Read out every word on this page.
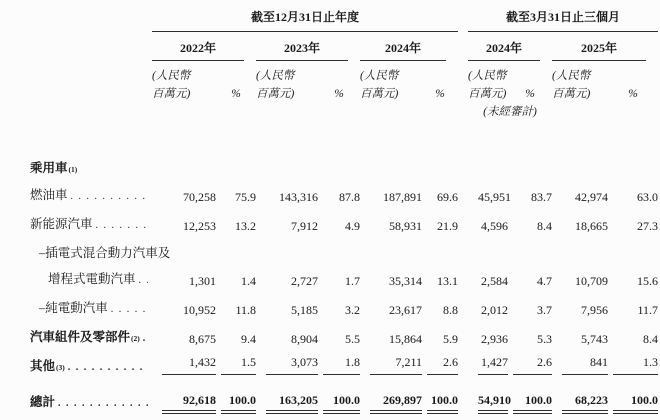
	截至12月31日止年度							截至3月31日止三個月			

	2022年		2023年		2024年			2024年		2025年	

	(人民幣		(人民幣		(人民幣			(人民幣		(人民幣	
	百萬元)	%	百萬元)	%	百萬元)	%		百萬元)	%	百萬元)	%
								(未經審計)			

乘用車 (1)											

燃油車
. . .	70,258	75.9	143,316	87.8	187,891	69.6		45,951	83.7	42,974	63.0

新能源汽車
. . .	12,253	13.2	7,912	4.9	58,931	21.9		4,596	8.4	18,665	27.3

–插電式混合動力汽車及
增程式電動汽車
. . .	1,301	1.4	2,727	1.7	35,314	13.1		2,584	4.7	10,709	15.6

–純電動汽車
. . .	10,952	11.8	5,185	3.2	23,617	8.8		2,012	3.7	7,956	11.7

汽車組件及零部件 (2)
. . .	8,675	9.4	8,904	5.5	15,864	5.9		2,936	5.3	5,743	8.4

其他 (3)
. . .	1,432	1.5	3,073	1.8	7,211	2.6		1,427	2.6	841	1.3

總計
. . .	92,618	100.0	163,205	100.0	269,897	100.0		54,910	100.0	68,223	100.0
